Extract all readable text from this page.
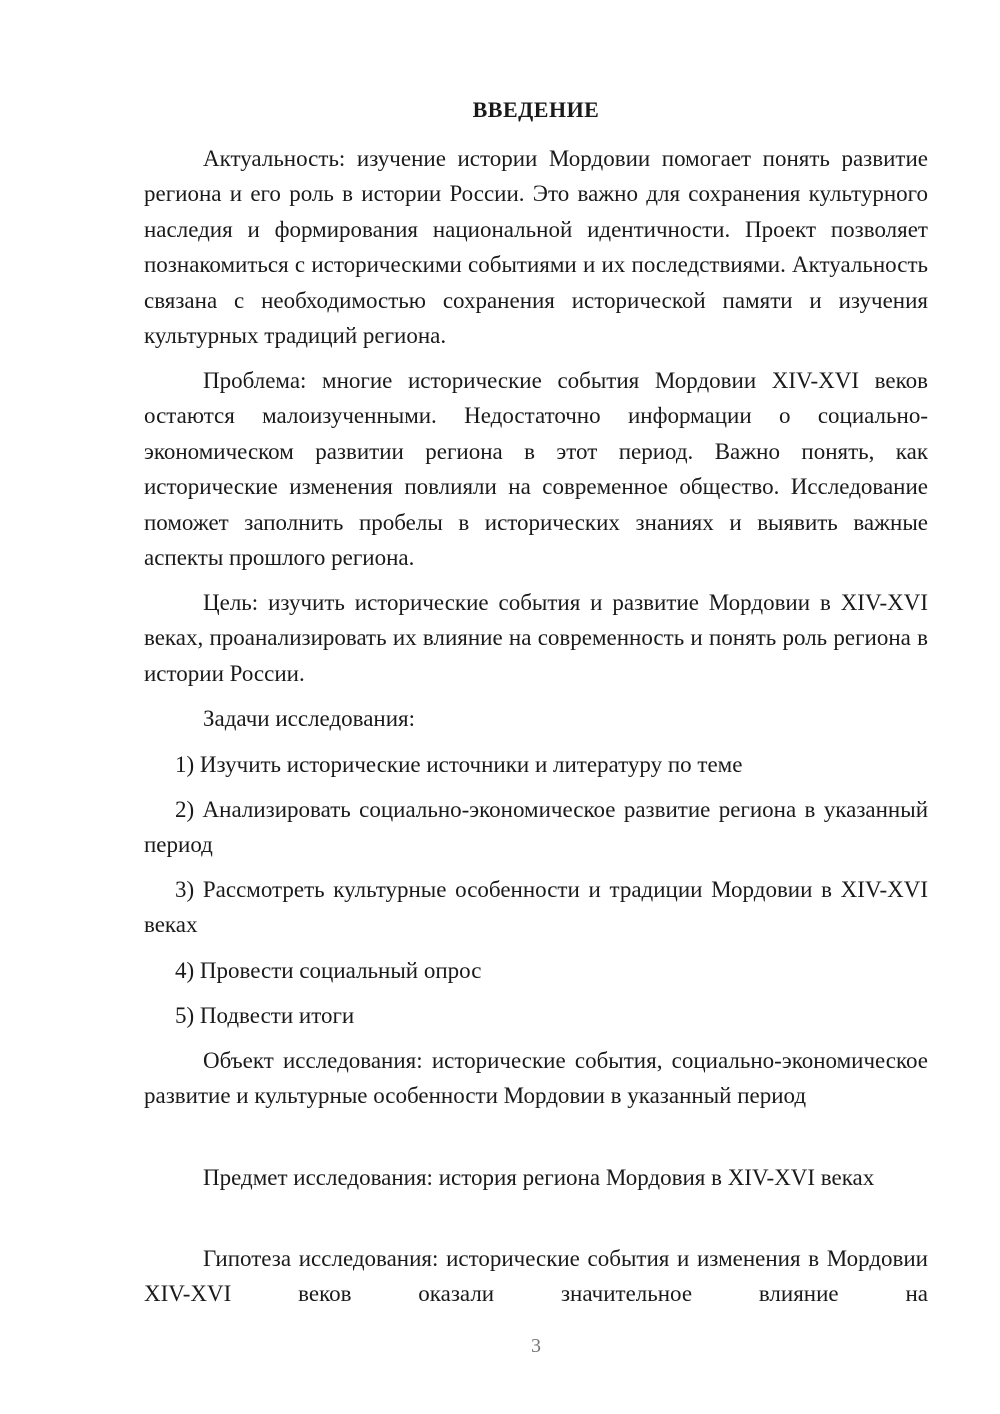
ВВЕДЕНИЕ

Актуальность: изучение истории Мордовии помогает понять развитие региона и его роль в истории России. Это важно для сохранения культурного наследия и формирования национальной идентичности. Проект позволяет познакомиться с историческими событиями и их последствиями. Актуальность связана с необходимостью сохранения исторической памяти и изучения культурных традиций региона.

Проблема: многие исторические события Мордовии XIV-XVI веков остаются малоизученными. Недостаточно информации о социально-экономическом развитии региона в этот период. Важно понять, как исторические изменения повлияли на современное общество. Исследование поможет заполнить пробелы в исторических знаниях и выявить важные аспекты прошлого региона.

Цель: изучить исторические события и развитие Мордовии в XIV-XVI веках, проанализировать их влияние на современность и понять роль региона в истории России.

Задачи исследования:

1) Изучить исторические источники и литературу по теме

2) Анализировать социально-экономическое развитие региона в указанный период

3) Рассмотреть культурные особенности и традиции Мордовии в XIV-XVI веках

4) Провести социальный опрос

5) Подвести итоги

Объект исследования: исторические события, социально-экономическое развитие и культурные особенности Мордовии в указанный период

Предмет исследования: история региона Мордовия в XIV-XVI веках

Гипотеза исследования: исторические события и изменения в Мордовии XIV-XVI веков оказали значительное влияние на

3
